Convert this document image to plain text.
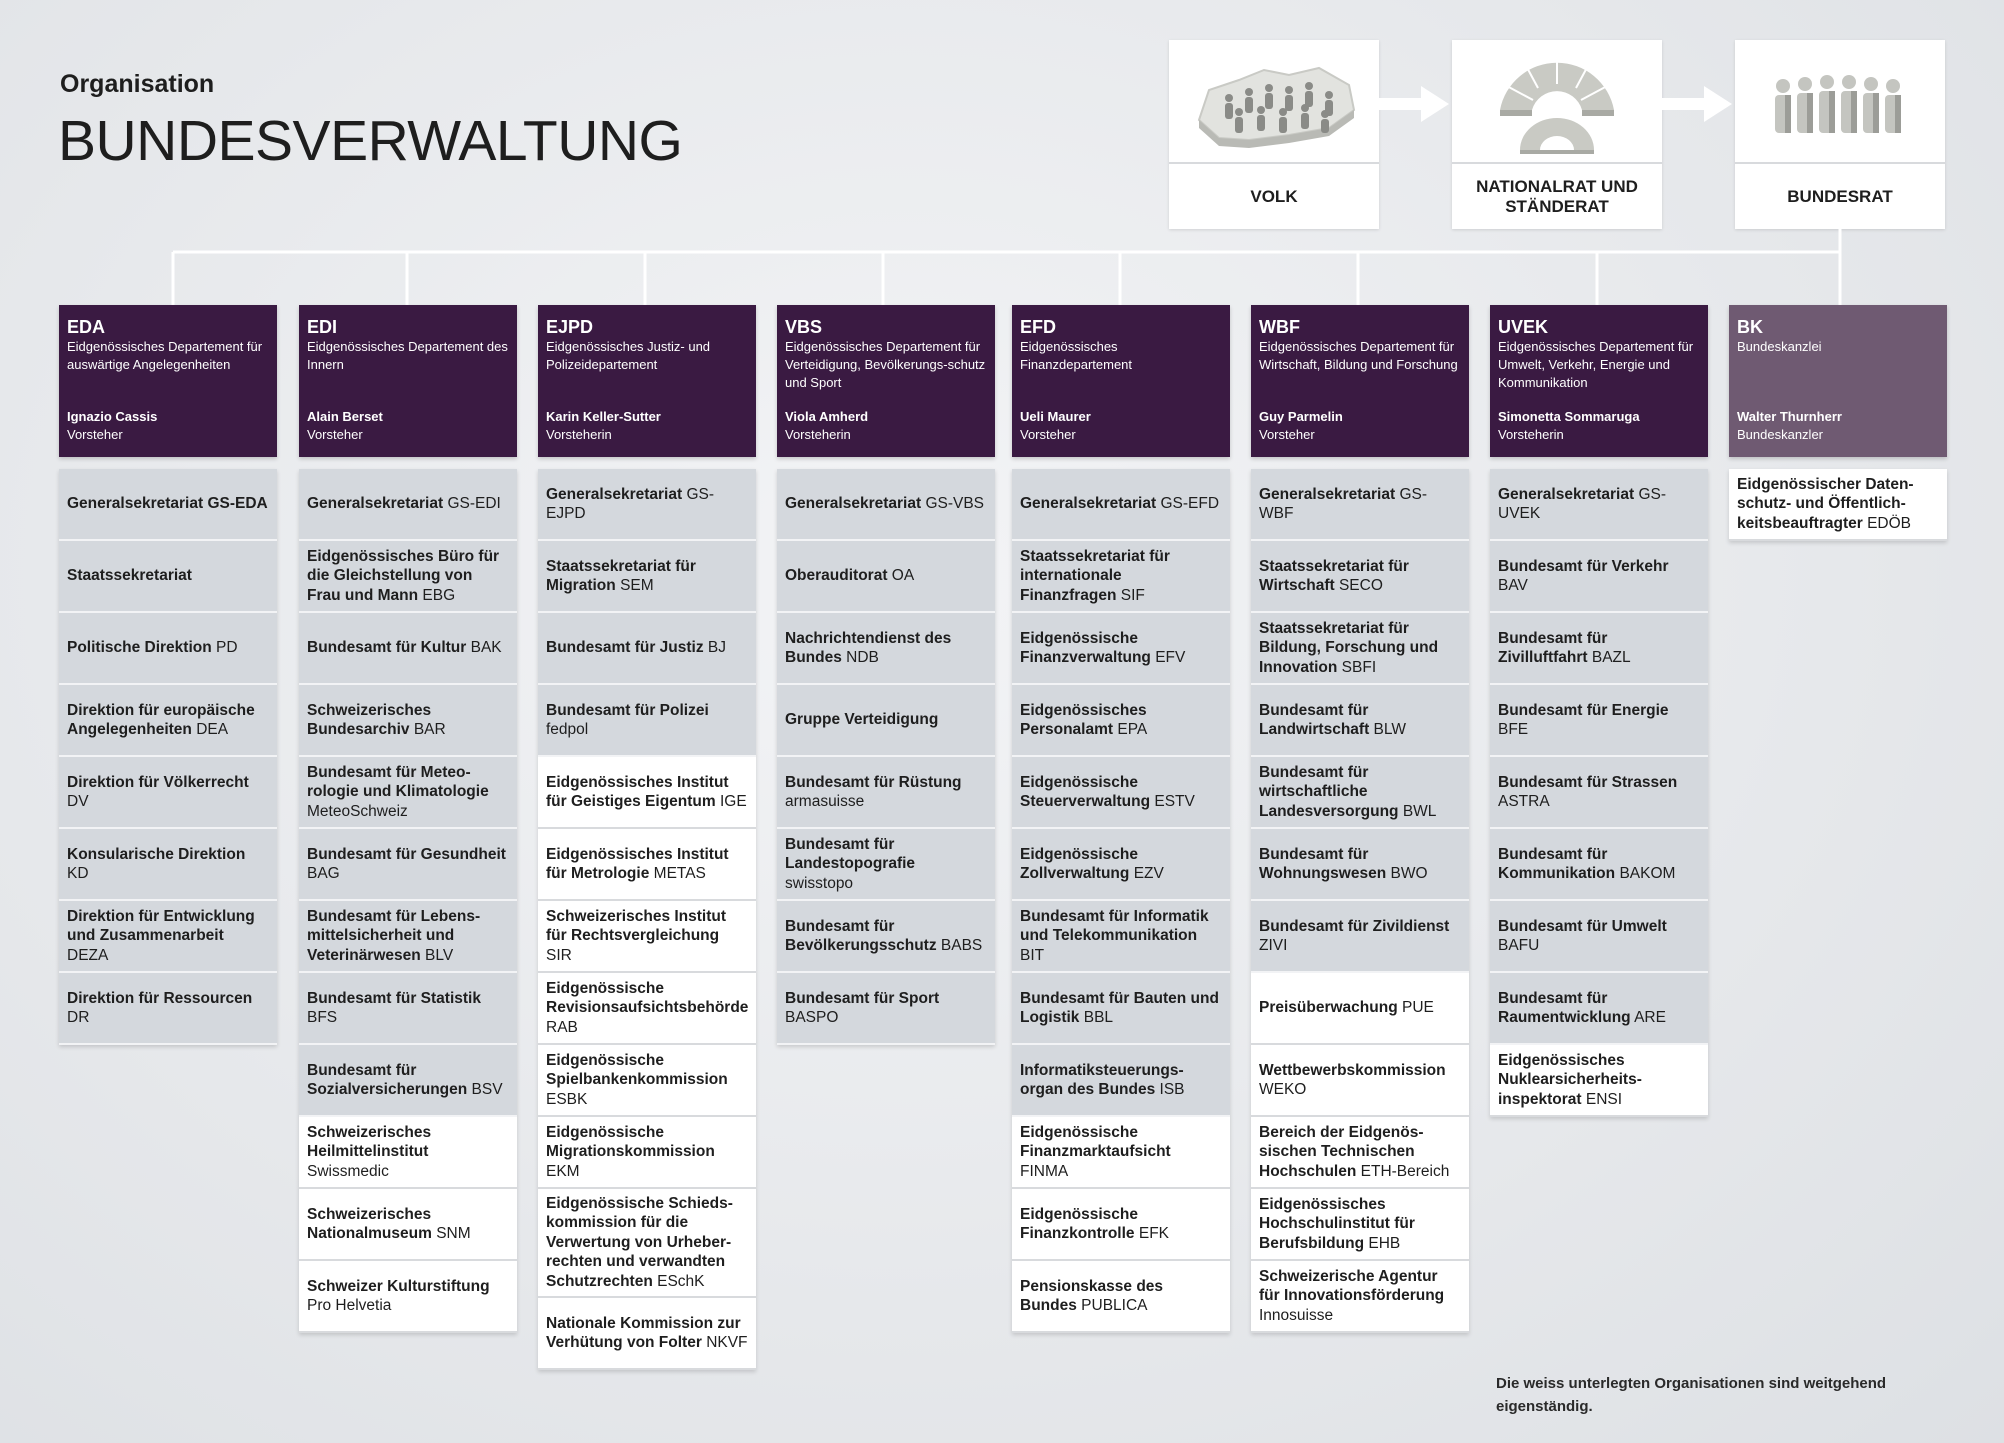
Organisation
BUNDESVERWALTUNG
VOLK
NATIONALRAT UND STÄNDERAT
BUNDESRAT
EDA
Eidgenössisches Departement für auswärtige Angelegenheiten
Ignazio Cassis
Vorsteher
Generalsekretariat GS-EDA
Staatssekretariat
Politische Direktion PD
Direktion für europäische Angelegenheiten DEA
Direktion für Völkerrecht DV
Konsularische Direktion KD
Direktion für Entwicklung und Zusammenarbeit DEZA
Direktion für Ressourcen DR
EDI
Eidgenössisches Departement des Innern
Alain Berset
Vorsteher
Generalsekretariat GS-EDI
Eidgenössisches Büro für die Gleichstellung von Frau und Mann EBG
Bundesamt für Kultur BAK
Schweizerisches Bundesarchiv BAR
Bundesamt für Meteo-rologie und Klimatologie MeteoSchweiz
Bundesamt für Gesundheit BAG
Bundesamt für Lebens-mittelsicherheit und Veterinärwesen BLV
Bundesamt für Statistik BFS
Bundesamt für Sozialversicherungen BSV
Schweizerisches Heilmittelinstitut Swissmedic
Schweizerisches Nationalmuseum SNM
Schweizer Kulturstiftung Pro Helvetia
EJPD
Eidgenössisches Justiz- und Polizeidepartement
Karin Keller-Sutter
Vorsteherin
Generalsekretariat GS-EJPD
Staatssekretariat für Migration SEM
Bundesamt für Justiz BJ
Bundesamt für Polizei fedpol
Eidgenössisches Institut für Geistiges Eigentum IGE
Eidgenössisches Institut für Metrologie METAS
Schweizerisches Institut für Rechtsvergleichung SIR
Eidgenössische Revisionsaufsichtsbehörde RAB
Eidgenössische Spielbankenkommission ESBK
Eidgenössische Migrationskommission EKM
Eidgenössische Schieds-kommission für die Verwertung von Urheber-rechten und verwandten Schutzrechten ESchK
Nationale Kommission zur Verhütung von Folter NKVF
VBS
Eidgenössisches Departement für Verteidigung, Bevölkerungs-schutz und Sport
Viola Amherd
Vorsteherin
Generalsekretariat GS-VBS
Oberauditorat OA
Nachrichtendienst des Bundes NDB
Gruppe Verteidigung
Bundesamt für Rüstung armasuisse
Bundesamt für Landestopografie swisstopo
Bundesamt für Bevölkerungsschutz BABS
Bundesamt für Sport BASPO
EFD
Eidgenössisches Finanzdepartement
Ueli Maurer
Vorsteher
Generalsekretariat GS-EFD
Staatssekretariat für internationale Finanzfragen SIF
Eidgenössische Finanzverwaltung EFV
Eidgenössisches Personalamt EPA
Eidgenössische Steuerverwaltung ESTV
Eidgenössische Zollverwaltung EZV
Bundesamt für Informatik und Telekommunikation BIT
Bundesamt für Bauten und Logistik BBL
Informatiksteuerungs-organ des Bundes ISB
Eidgenössische Finanzmarktaufsicht FINMA
Eidgenössische Finanzkontrolle EFK
Pensionskasse des Bundes PUBLICA
WBF
Eidgenössisches Departement für Wirtschaft, Bildung und Forschung
Guy Parmelin
Vorsteher
Generalsekretariat GS-WBF
Staatssekretariat für Wirtschaft SECO
Staatssekretariat für Bildung, Forschung und Innovation SBFI
Bundesamt für Landwirtschaft BLW
Bundesamt für wirtschaftliche Landesversorgung BWL
Bundesamt für Wohnungswesen BWO
Bundesamt für Zivildienst ZIVI
Preisüberwachung PUE
Wettbewerbskommission WEKO
Bereich der Eidgenös-sischen Technischen Hochschulen ETH-Bereich
Eidgenössisches Hochschulinstitut für Berufsbildung EHB
Schweizerische Agentur für Innovationsförderung Innosuisse
UVEK
Eidgenössisches Departement für Umwelt, Verkehr, Energie und Kommunikation
Simonetta Sommaruga
Vorsteherin
Generalsekretariat GS-UVEK
Bundesamt für Verkehr BAV
Bundesamt für Zivilluftfahrt BAZL
Bundesamt für Energie BFE
Bundesamt für Strassen ASTRA
Bundesamt für Kommunikation BAKOM
Bundesamt für Umwelt BAFU
Bundesamt für Raumentwicklung ARE
Eidgenössisches Nuklearsicherheits-inspektorat ENSI
BK
Bundeskanzlei
Walter Thurnherr
Bundeskanzler
Eidgenössischer Daten-schutz- und Öffentlich-keitsbeauftragter EDÖB
Die weiss unterlegten Organisationen sind weitgehend eigenständig.
